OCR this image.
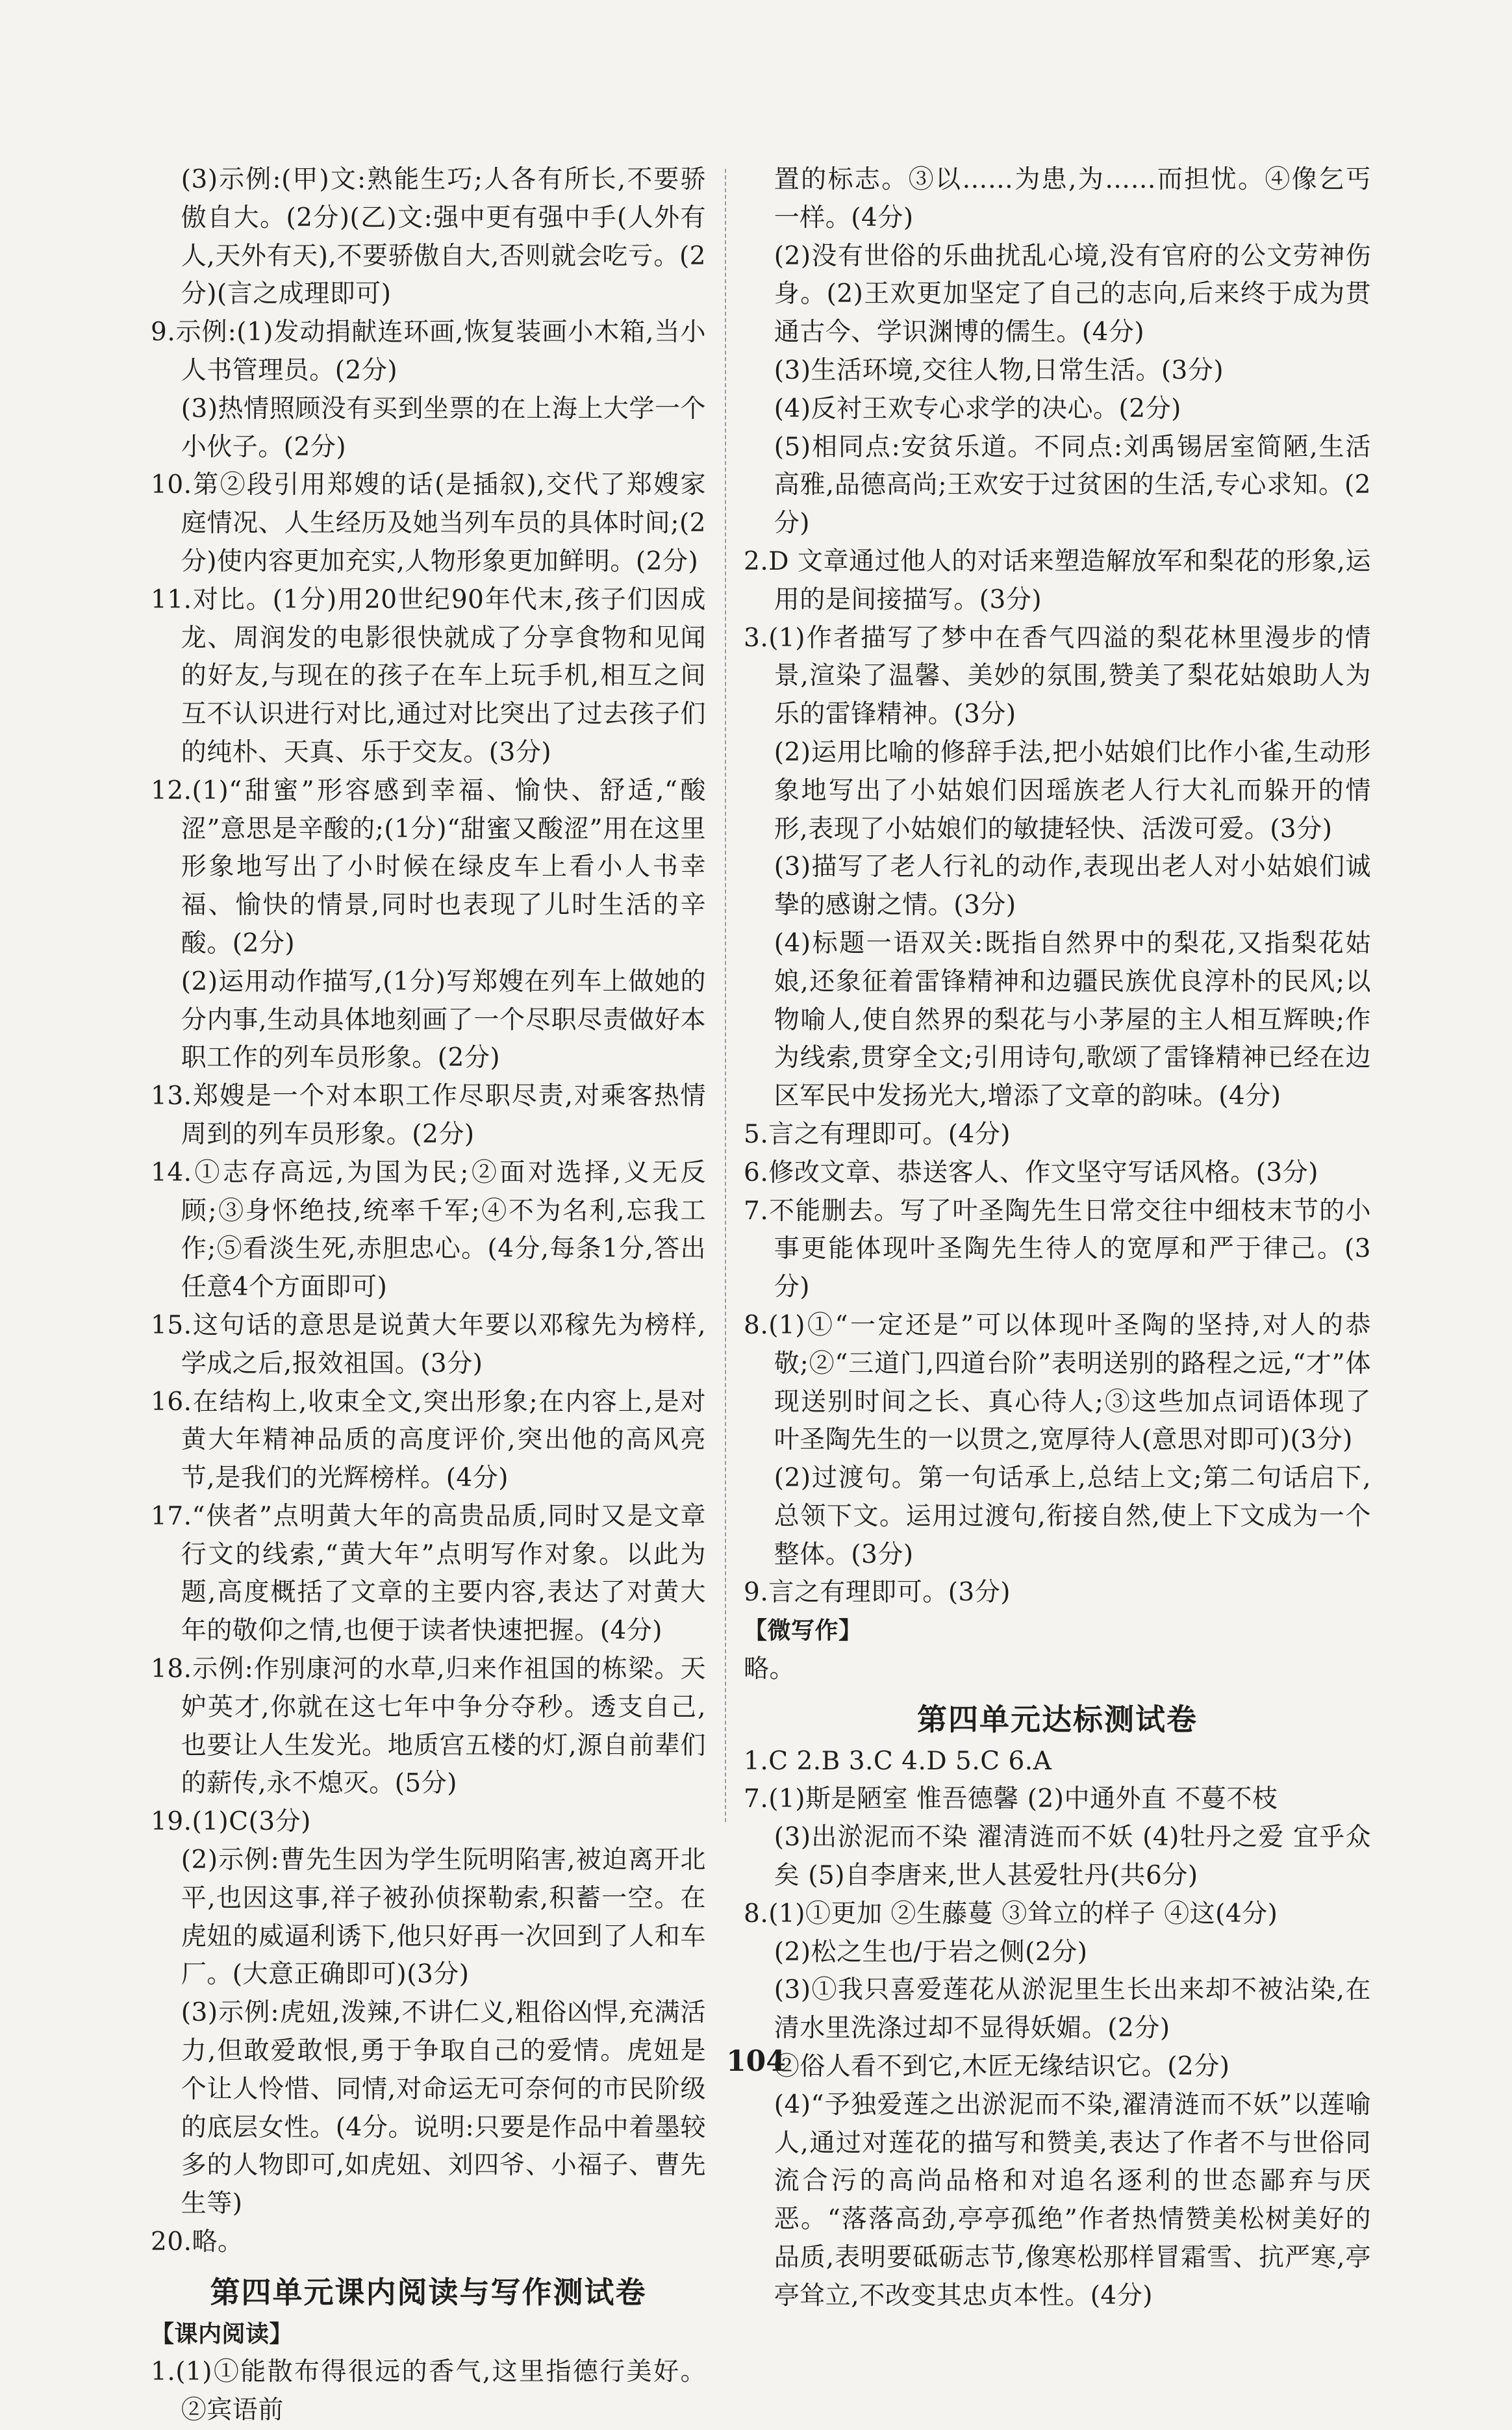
(3)示例:(甲)文:熟能生巧;人各有所长,不要骄傲自大。(2分)(乙)文:强中更有强中手(人外有人,天外有天),不要骄傲自大,否则就会吃亏。(2分)(言之成理即可)
9.示例:(1)发动捐献连环画,恢复装画小木箱,当小人书管理员。(2分)
(3)热情照顾没有买到坐票的在上海上大学一个小伙子。(2分)
10.第②段引用郑嫂的话(是插叙),交代了郑嫂家庭情况、人生经历及她当列车员的具体时间;(2分)使内容更加充实,人物形象更加鲜明。(2分)
11.对比。(1分)用20世纪90年代末,孩子们因成龙、周润发的电影很快就成了分享食物和见闻的好友,与现在的孩子在车上玩手机,相互之间互不认识进行对比,通过对比突出了过去孩子们的纯朴、天真、乐于交友。(3分)
12.(1)“甜蜜”形容感到幸福、愉快、舒适,“酸涩”意思是辛酸的;(1分)“甜蜜又酸涩”用在这里形象地写出了小时候在绿皮车上看小人书幸福、愉快的情景,同时也表现了儿时生活的辛酸。(2分)
(2)运用动作描写,(1分)写郑嫂在列车上做她的分内事,生动具体地刻画了一个尽职尽责做好本职工作的列车员形象。(2分)
13.郑嫂是一个对本职工作尽职尽责,对乘客热情周到的列车员形象。(2分)
14.①志存高远,为国为民;②面对选择,义无反顾;③身怀绝技,统率千军;④不为名利,忘我工作;⑤看淡生死,赤胆忠心。(4分,每条1分,答出任意4个方面即可)
15.这句话的意思是说黄大年要以邓稼先为榜样,学成之后,报效祖国。(3分)
16.在结构上,收束全文,突出形象;在内容上,是对黄大年精神品质的高度评价,突出他的高风亮节,是我们的光辉榜样。(4分)
17.“侠者”点明黄大年的高贵品质,同时又是文章行文的线索,“黄大年”点明写作对象。以此为题,高度概括了文章的主要内容,表达了对黄大年的敬仰之情,也便于读者快速把握。(4分)
18.示例:作别康河的水草,归来作祖国的栋梁。天妒英才,你就在这七年中争分夺秒。透支自己,也要让人生发光。地质宫五楼的灯,源自前辈们的薪传,永不熄灭。(5分)
19.(1)C(3分)
(2)示例:曹先生因为学生阮明陷害,被迫离开北平,也因这事,祥子被孙侦探勒索,积蓄一空。在虎妞的威逼利诱下,他只好再一次回到了人和车厂。(大意正确即可)(3分)
(3)示例:虎妞,泼辣,不讲仁义,粗俗凶悍,充满活力,但敢爱敢恨,勇于争取自己的爱情。虎妞是个让人怜惜、同情,对命运无可奈何的市民阶级的底层女性。(4分。说明:只要是作品中着墨较多的人物即可,如虎妞、刘四爷、小福子、曹先生等)
20.略。
第四单元课内阅读与写作测试卷
【课内阅读】
1.(1)①能散布得很远的香气,这里指德行美好。②宾语前
置的标志。③以……为患,为……而担忧。④像乞丐一样。(4分)
(2)没有世俗的乐曲扰乱心境,没有官府的公文劳神伤身。(2)王欢更加坚定了自己的志向,后来终于成为贯通古今、学识渊博的儒生。(4分)
(3)生活环境,交往人物,日常生活。(3分)
(4)反衬王欢专心求学的决心。(2分)
(5)相同点:安贫乐道。不同点:刘禹锡居室简陋,生活高雅,品德高尚;王欢安于过贫困的生活,专心求知。(2分)
2.D 文章通过他人的对话来塑造解放军和梨花的形象,运用的是间接描写。(3分)
3.(1)作者描写了梦中在香气四溢的梨花林里漫步的情景,渲染了温馨、美妙的氛围,赞美了梨花姑娘助人为乐的雷锋精神。(3分)
(2)运用比喻的修辞手法,把小姑娘们比作小雀,生动形象地写出了小姑娘们因瑶族老人行大礼而躲开的情形,表现了小姑娘们的敏捷轻快、活泼可爱。(3分)
(3)描写了老人行礼的动作,表现出老人对小姑娘们诚挚的感谢之情。(3分)
(4)标题一语双关:既指自然界中的梨花,又指梨花姑娘,还象征着雷锋精神和边疆民族优良淳朴的民风;以物喻人,使自然界的梨花与小茅屋的主人相互辉映;作为线索,贯穿全文;引用诗句,歌颂了雷锋精神已经在边区军民中发扬光大,增添了文章的韵味。(4分)
5.言之有理即可。(4分)
6.修改文章、恭送客人、作文坚守写话风格。(3分)
7.不能删去。写了叶圣陶先生日常交往中细枝末节的小事更能体现叶圣陶先生待人的宽厚和严于律己。(3分)
8.(1)①“一定还是”可以体现叶圣陶的坚持,对人的恭敬;②“三道门,四道台阶”表明送别的路程之远,“才”体现送别时间之长、真心待人;③这些加点词语体现了叶圣陶先生的一以贯之,宽厚待人(意思对即可)(3分)
(2)过渡句。第一句话承上,总结上文;第二句话启下,总领下文。运用过渡句,衔接自然,使上下文成为一个整体。(3分)
9.言之有理即可。(3分)
【微写作】
略。
第四单元达标测试卷
1.C 2.B 3.C 4.D 5.C 6.A
7.(1)斯是陋室 惟吾德馨 (2)中通外直 不蔓不枝
(3)出淤泥而不染 濯清涟而不妖 (4)牡丹之爱 宜乎众矣 (5)自李唐来,世人甚爱牡丹(共6分)
8.(1)①更加 ②生藤蔓 ③耸立的样子 ④这(4分)
(2)松之生也/于岩之侧(2分)
(3)①我只喜爱莲花从淤泥里生长出来却不被沾染,在清水里洗涤过却不显得妖媚。(2分)
②俗人看不到它,木匠无缘结识它。(2分)
(4)“予独爱莲之出淤泥而不染,濯清涟而不妖”以莲喻人,通过对莲花的描写和赞美,表达了作者不与世俗同流合污的高尚品格和对追名逐利的世态鄙弃与厌恶。“落落高劲,亭亭孤绝”作者热情赞美松树美好的品质,表明要砥砺志节,像寒松那样冒霜雪、抗严寒,亭亭耸立,不改变其忠贞本性。(4分)
104
